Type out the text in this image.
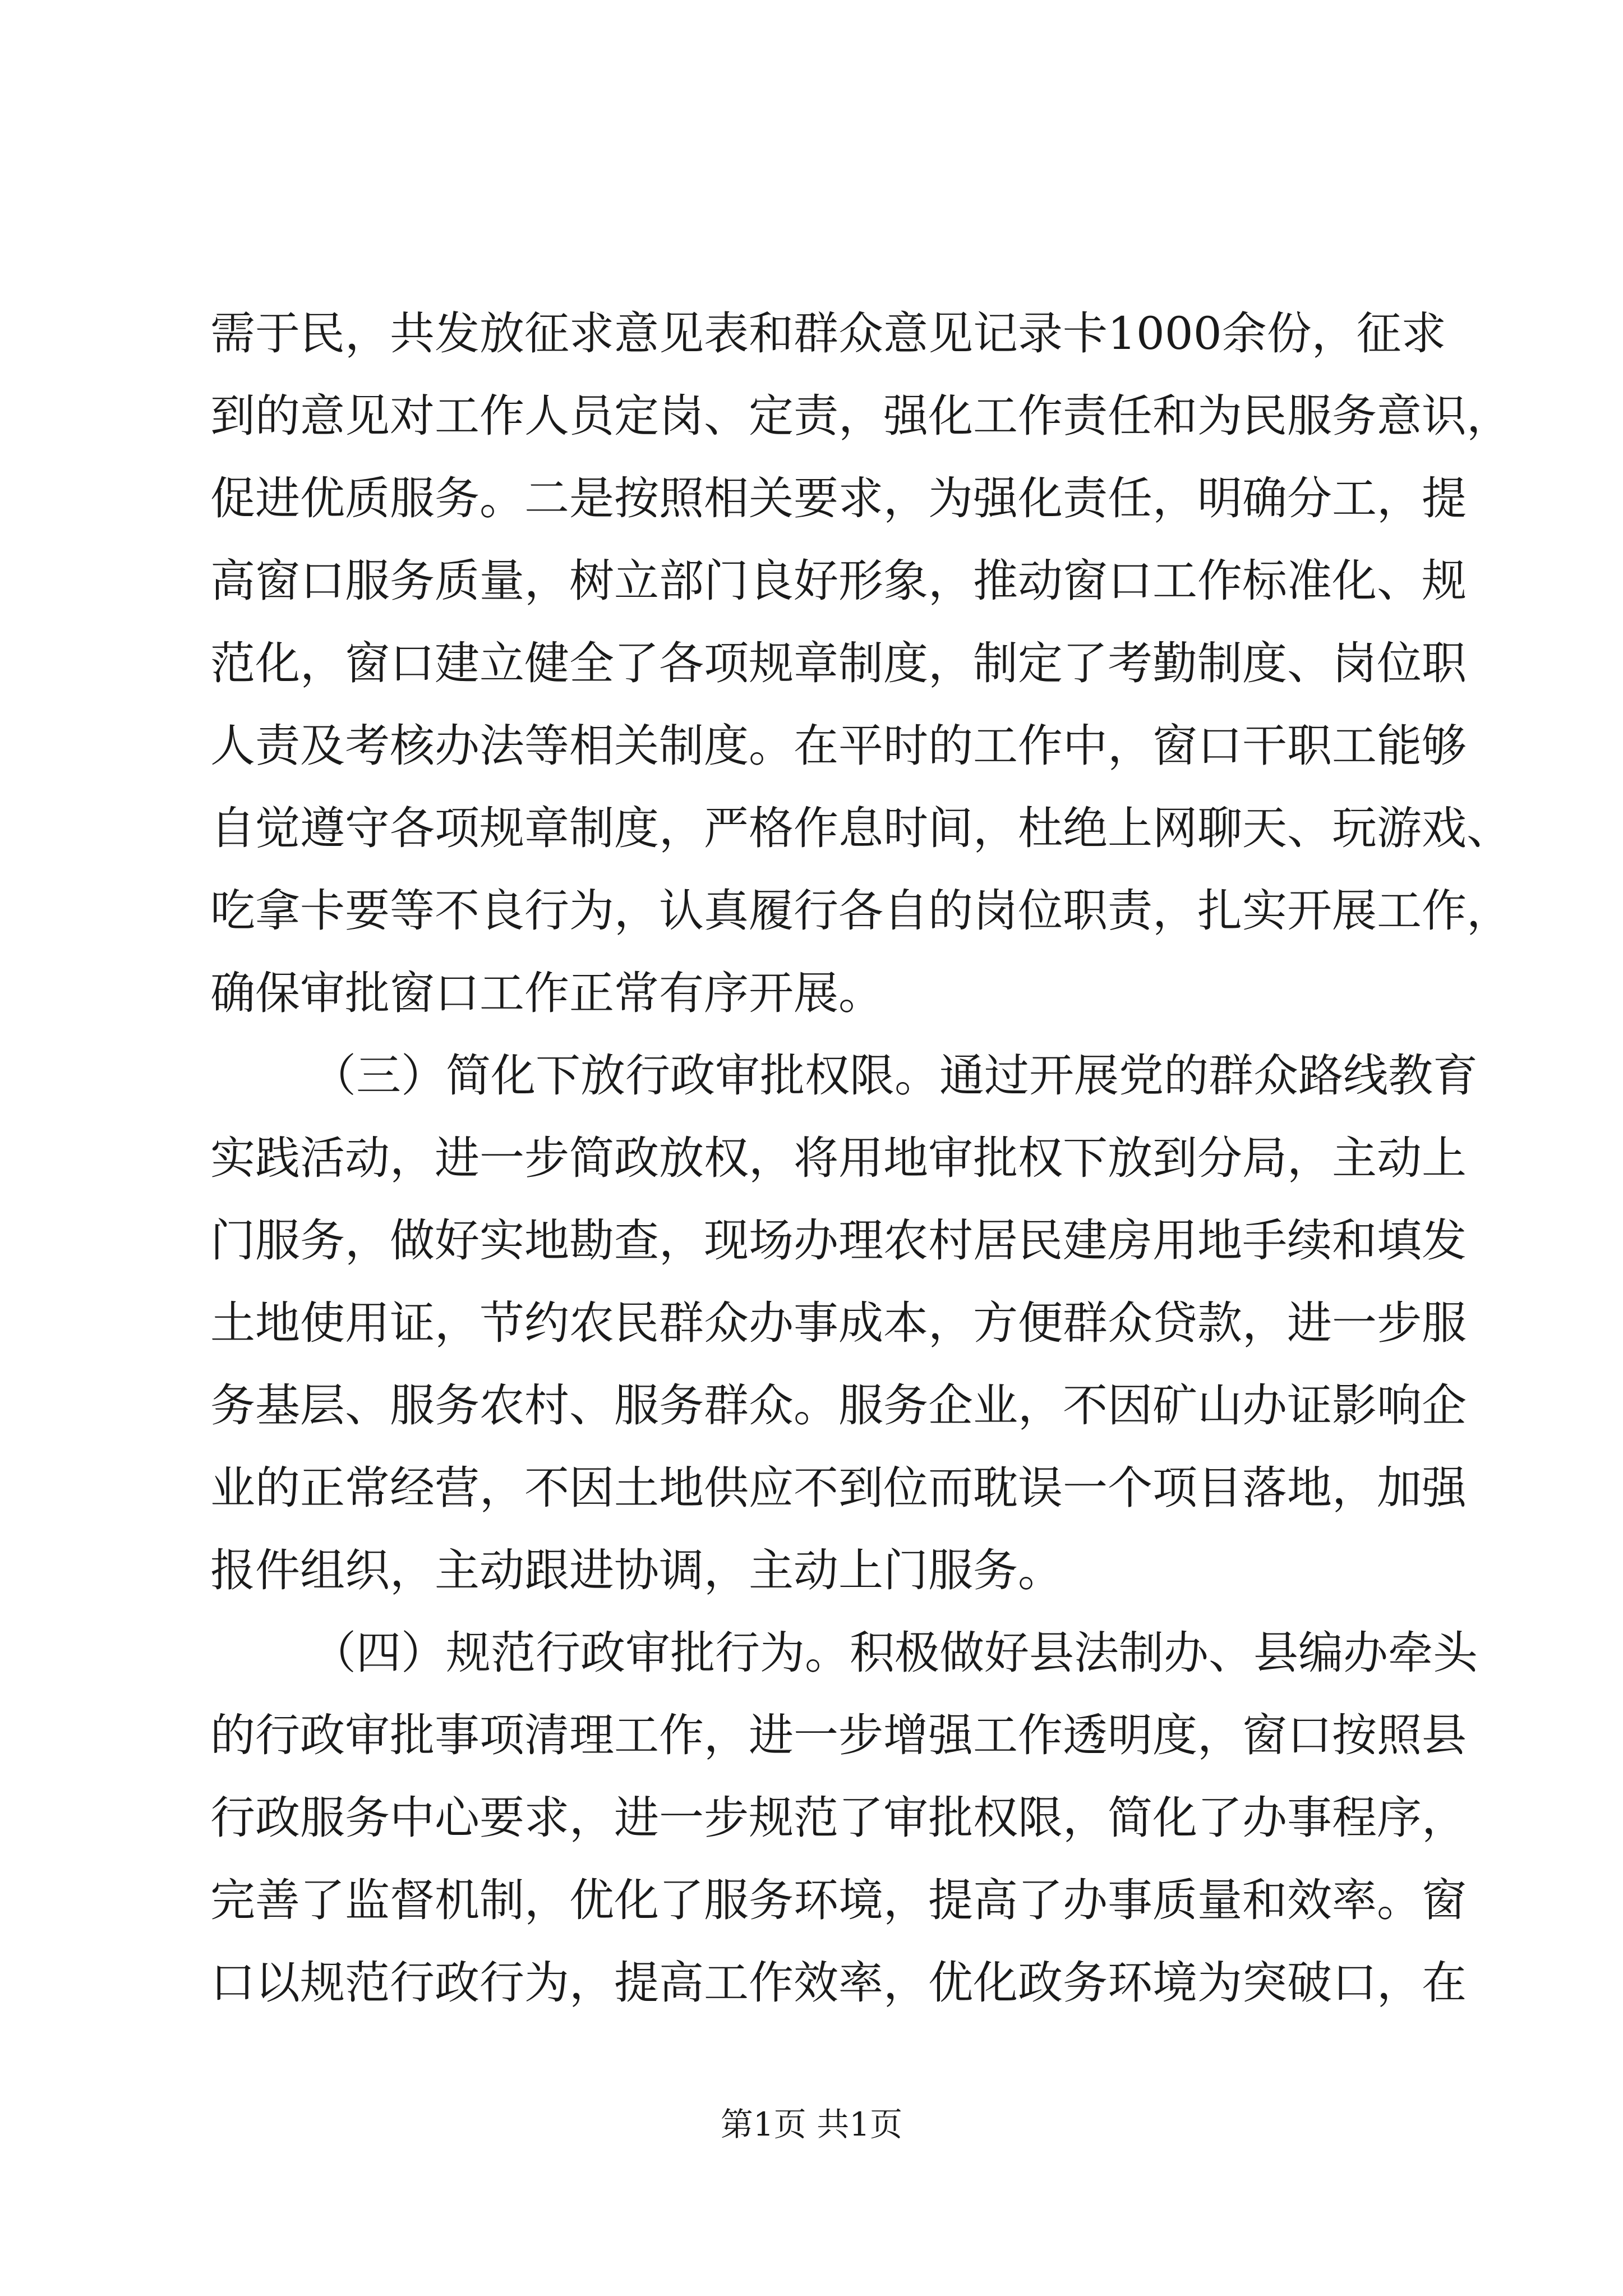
需于民，共发放征求意见表和群众意见记录卡1000余份，征求
到的意见对工作人员定岗、定责，强化工作责任和为民服务意识，
促进优质服务。二是按照相关要求，为强化责任，明确分工，提
高窗口服务质量，树立部门良好形象，推动窗口工作标准化、规
范化，窗口建立健全了各项规章制度，制定了考勤制度、岗位职
人责及考核办法等相关制度。在平时的工作中，窗口干职工能够
自觉遵守各项规章制度，严格作息时间，杜绝上网聊天、玩游戏、
吃拿卡要等不良行为，认真履行各自的岗位职责，扎实开展工作，
确保审批窗口工作正常有序开展。
（三）简化下放行政审批权限。通过开展党的群众路线教育
实践活动，进一步简政放权，将用地审批权下放到分局，主动上
门服务，做好实地勘查，现场办理农村居民建房用地手续和填发
土地使用证，节约农民群众办事成本，方便群众贷款，进一步服
务基层、服务农村、服务群众。服务企业，不因矿山办证影响企
业的正常经营，不因土地供应不到位而耽误一个项目落地，加强
报件组织，主动跟进协调，主动上门服务。
（四）规范行政审批行为。积极做好县法制办、县编办牵头
的行政审批事项清理工作，进一步增强工作透明度，窗口按照县
行政服务中心要求，进一步规范了审批权限，简化了办事程序，
完善了监督机制，优化了服务环境，提高了办事质量和效率。窗
口以规范行政行为，提高工作效率，优化政务环境为突破口，在
第1页 共1页
